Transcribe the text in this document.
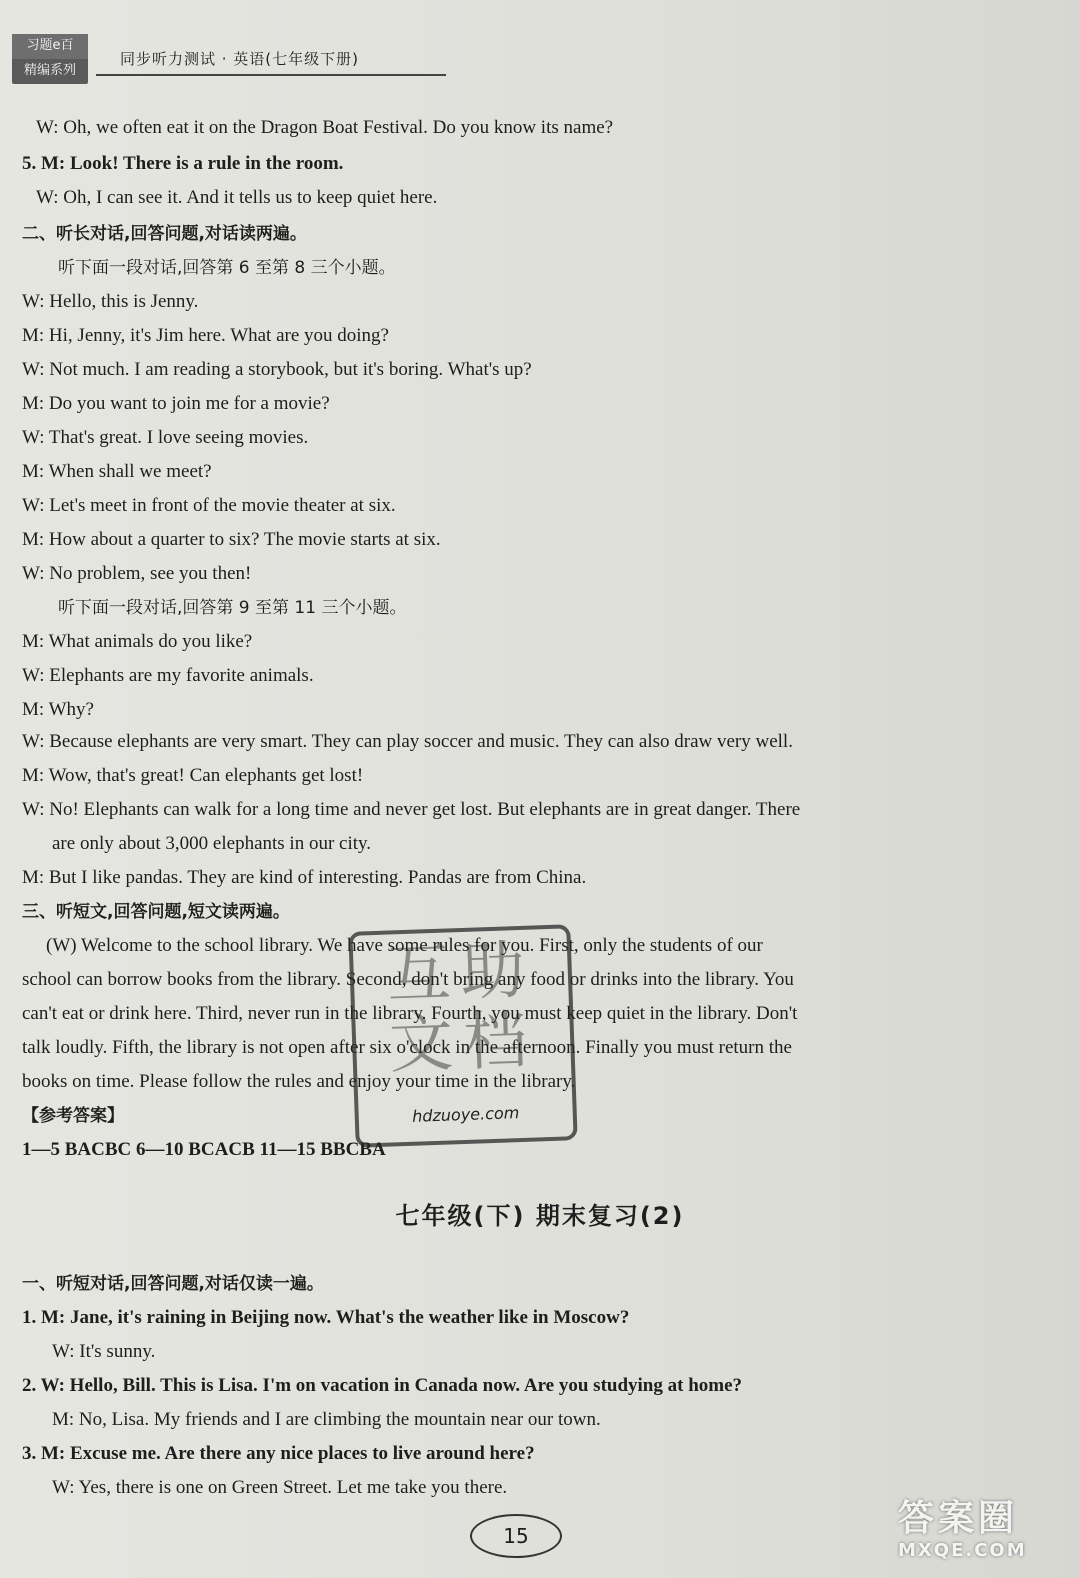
习题e百
精编系列
同步听力测试 · 英语(七年级下册)
W: Oh, we often eat it on the Dragon Boat Festival. Do you know its name?
5. M: Look! There is a rule in the room.
W: Oh, I can see it. And it tells us to keep quiet here.
二、听长对话,回答问题,对话读两遍。
听下面一段对话,回答第 6 至第 8 三个小题。
W: Hello, this is Jenny.
M: Hi, Jenny, it's Jim here. What are you doing?
W: Not much. I am reading a storybook, but it's boring. What's up?
M: Do you want to join me for a movie?
W: That's great. I love seeing movies.
M: When shall we meet?
W: Let's meet in front of the movie theater at six.
M: How about a quarter to six? The movie starts at six.
W: No problem, see you then!
听下面一段对话,回答第 9 至第 11 三个小题。
M: What animals do you like?
W: Elephants are my favorite animals.
M: Why?
W: Because elephants are very smart. They can play soccer and music. They can also draw very well.
M: Wow, that's great! Can elephants get lost!
W: No! Elephants can walk for a long time and never get lost. But elephants are in great danger. There
are only about 3,000 elephants in our city.
M: But I like pandas. They are kind of interesting. Pandas are from China.
三、听短文,回答问题,短文读两遍。
(W) Welcome to the school library. We have some rules for you. First, only the students of our
school can borrow books from the library. Second, don't bring any food or drinks into the library. You
can't eat or drink here. Third, never run in the library. Fourth, you must keep quiet in the library. Don't
talk loudly. Fifth, the library is not open after six o'clock in the afternoon. Finally you must return the
books on time. Please follow the rules and enjoy your time in the library.
【参考答案】
1—5 BACBC 6—10 BCACB 11—15 BBCBA
七年级(下) 期末复习(2)
一、听短对话,回答问题,对话仅读一遍。
1. M: Jane, it's raining in Beijing now. What's the weather like in Moscow?
W: It's sunny.
2. W: Hello, Bill. This is Lisa. I'm on vacation in Canada now. Are you studying at home?
M: No, Lisa. My friends and I are climbing the mountain near our town.
3. M: Excuse me. Are there any nice places to live around here?
W: Yes, there is one on Green Street. Let me take you there.
15
互助文档
hdzuoye.com
答案圈
MXQE.COM
